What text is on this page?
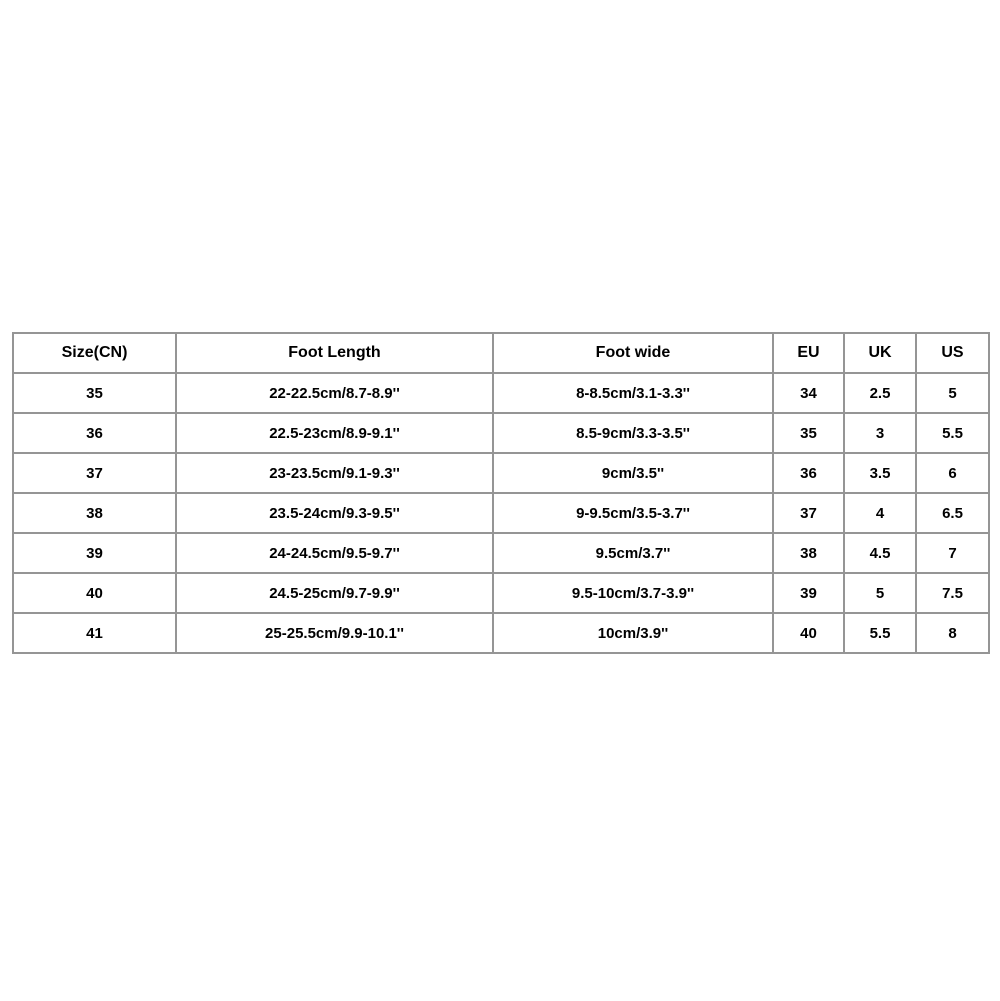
Size(CN)	Foot Length	Foot wide	EU	UK	US
35	22-22.5cm/8.7-8.9''	8-8.5cm/3.1-3.3''	34	2.5	5
36	22.5-23cm/8.9-9.1''	8.5-9cm/3.3-3.5''	35	3	5.5
37	23-23.5cm/9.1-9.3''	9cm/3.5''	36	3.5	6
38	23.5-24cm/9.3-9.5''	9-9.5cm/3.5-3.7''	37	4	6.5
39	24-24.5cm/9.5-9.7''	9.5cm/3.7''	38	4.5	7
40	24.5-25cm/9.7-9.9''	9.5-10cm/3.7-3.9''	39	5	7.5
41	25-25.5cm/9.9-10.1''	10cm/3.9''	40	5.5	8
